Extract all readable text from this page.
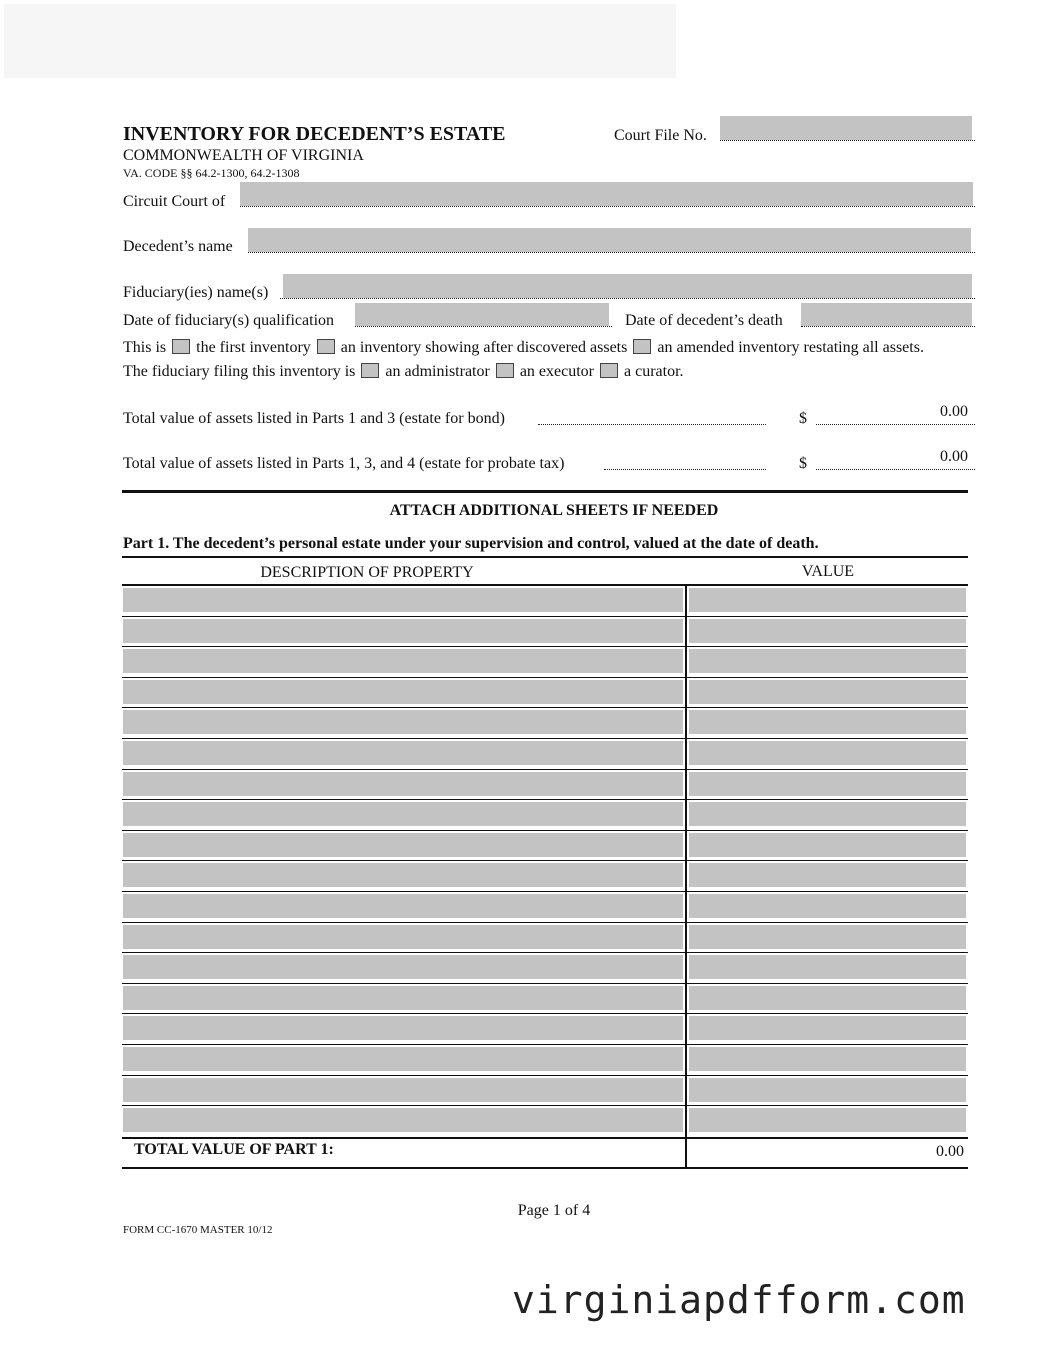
INVENTORY FOR DECEDENT’S ESTATE
COMMONWEALTH OF VIRGINIA
VA. CODE §§ 64.2-1300, 64.2-1308
Court File No.
Circuit Court of
Decedent’s name
Fiduciary(ies) name(s)
Date of fiduciary(s) qualification	Date of decedent’s death
This is the first inventory an inventory showing after discovered assets an amended inventory restating all assets.
The fiduciary filing this inventory is an administrator an executor a curator.
Total value of assets listed in Parts 1 and 3 (estate for bond)	$	0.00
Total value of assets listed in Parts 1, 3, and 4 (estate for probate tax)	$	0.00
ATTACH ADDITIONAL SHEETS IF NEEDED
Part 1. The decedent’s personal estate under your supervision and control, valued at the date of death.
DESCRIPTION OF PROPERTY	VALUE
TOTAL VALUE OF PART 1:	0.00
Page 1 of 4
FORM CC-1670 MASTER 10/12
virginiapdfform.com
